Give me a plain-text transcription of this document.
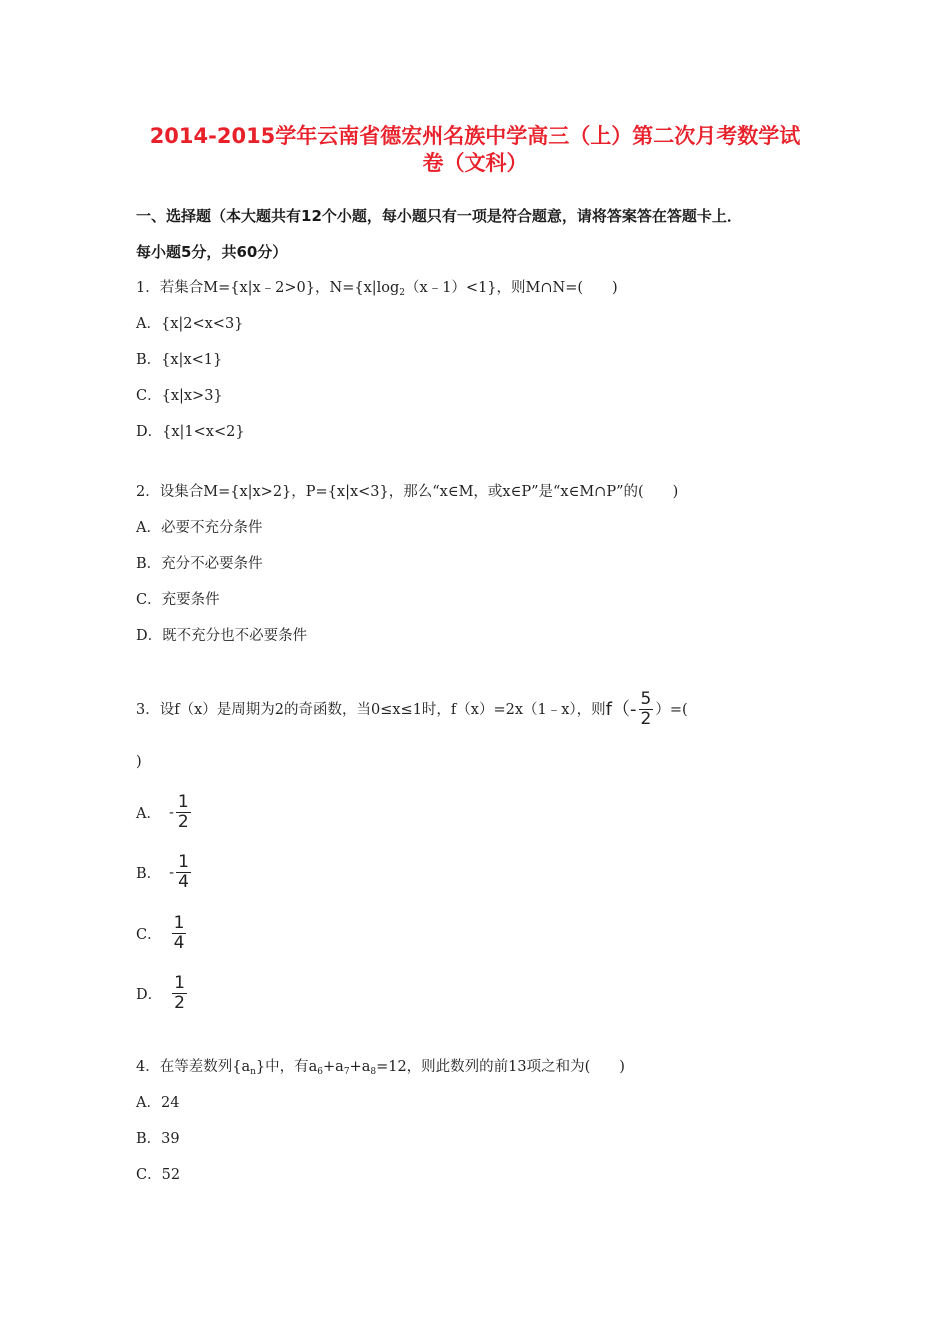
2014-2015学年云南省德宏州名族中学高三（上）第二次月考数学试
卷（文科）
一、选择题（本大题共有12个小题，每小题只有一项是符合题意，请将答案答在答题卡上．
每小题5分，共60分）
1．若集合M={x|x﹣2>0}，$N=\{x|\log_2(x﹣1)<1\}$，则M∩N=(　　)
A．{x|2<x<3}
B．{x|x<1}
C．{x|x>3}
D．{x|1<x<2}
2．设集合M={x|x>2}，P={x|x<3}，那么“x∈M，或x∈P”是“x∈M∩P”的(　　)
A．必要不充分条件
B．充分不必要条件
C．充要条件
D．既不充分也不必要条件
3．设f（x）是周期为2的奇函数，当0≤x≤1时，f（x）=2x（1﹣x），则 $f( - \frac{5}{2}$ ）=(
)
A． - $\frac{1}{2}$
B． - $\frac{1}{4}$
C． $\frac{1}{4}$
D． $\frac{1}{2}$
4．在等差数列$\{a_n\}$中，有$a_6+a_7+a_8=12$，则此数列的前13项之和为(　　)
A．24
B．39
C．52
